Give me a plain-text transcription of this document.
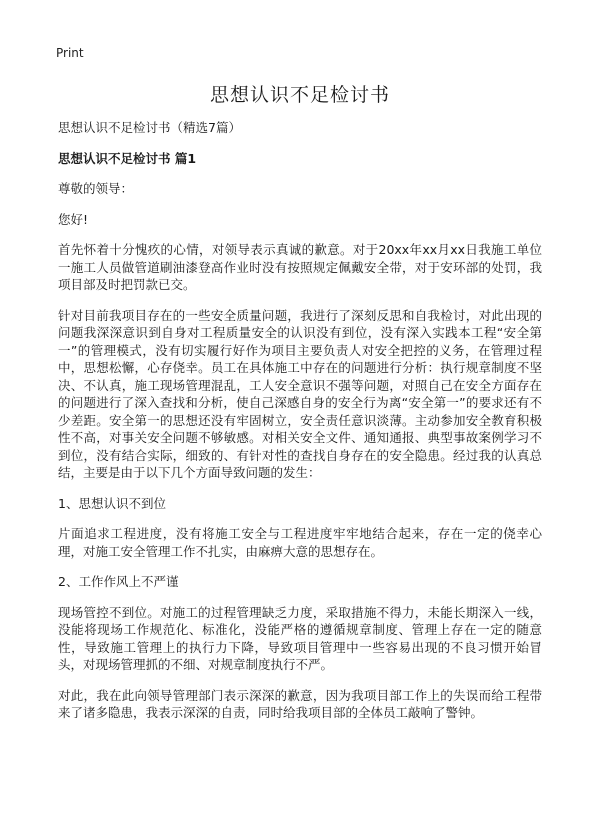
Print
思想认识不足检讨书

思想认识不足检讨书（精选7篇）

思想认识不足检讨书 篇1

尊敬的领导：

您好!

首先怀着十分愧疚的心情，对领导表示真诚的歉意。对于20xx年xx月xx日我施工单位一施工人员做管道刷油漆登高作业时没有按照规定佩戴安全带，对于安环部的处罚，我项目部及时把罚款已交。

针对目前我项目存在的一些安全质量问题，我进行了深刻反思和自我检讨，对此出现的问题我深深意识到自身对工程质量安全的认识没有到位，没有深入实践本工程“安全第一”的管理模式，没有切实履行好作为项目主要负责人对安全把控的义务，在管理过程中，思想松懈，心存侥幸。员工在具体施工中存在的问题进行分析：执行规章制度不坚决、不认真，施工现场管理混乱，工人安全意识不强等问题，对照自己在安全方面存在的问题进行了深入查找和分析，使自己深感自身的安全行为离“安全第一”的要求还有不少差距。安全第一的思想还没有牢固树立，安全责任意识淡薄。主动参加安全教育积极性不高，对事关安全问题不够敏感。对相关安全文件、通知通报、典型事故案例学习不到位，没有结合实际，细致的、有针对性的查找自身存在的安全隐患。经过我的认真总结，主要是由于以下几个方面导致问题的发生：

1、思想认识不到位

片面追求工程进度，没有将施工安全与工程进度牢牢地结合起来，存在一定的侥幸心理，对施工安全管理工作不扎实，由麻痹大意的思想存在。

2、工作作风上不严谨

现场管控不到位。对施工的过程管理缺乏力度，采取措施不得力，未能长期深入一线，没能将现场工作规范化、标准化，没能严格的遵循规章制度、管理上存在一定的随意性，导致施工管理上的执行力下降，导致项目管理中一些容易出现的不良习惯开始冒头，对现场管理抓的不细、对规章制度执行不严。

对此，我在此向领导管理部门表示深深的歉意，因为我项目部工作上的失误而给工程带来了诸多隐患，我表示深深的自责，同时给我项目部的全体员工敲响了警钟。
